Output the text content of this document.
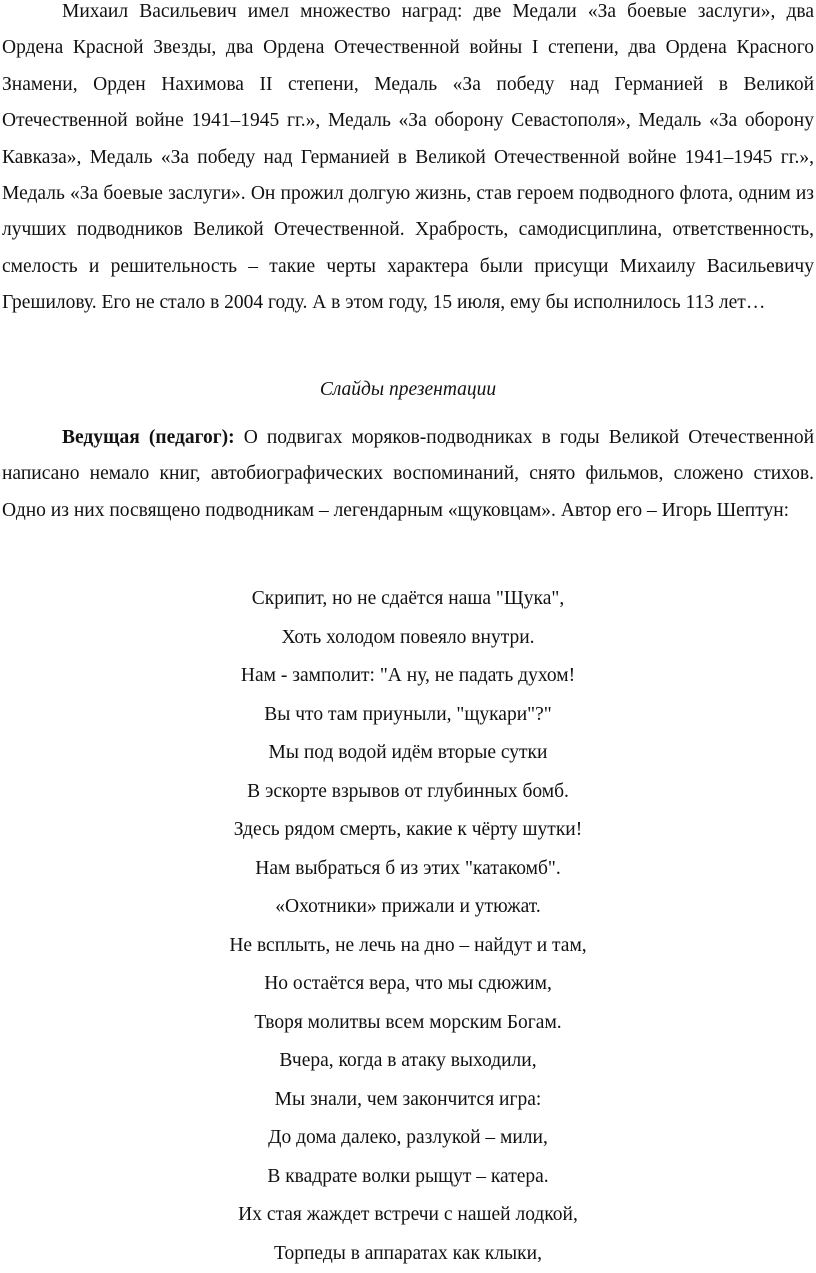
Михаил Васильевич имел множество наград: две Медали «За боевые заслуги», два Ордена Красной Звезды, два Ордена Отечественной войны I степени, два Ордена Красного Знамени, Орден Нахимова II степени, Медаль «За победу над Германией в Великой Отечественной войне 1941–1945 гг.», Медаль «За оборону Севастополя», Медаль «За оборону Кавказа», Медаль «За победу над Германией в Великой Отечественной войне 1941–1945 гг.», Медаль «За боевые заслуги». Он прожил долгую жизнь, став героем подводного флота, одним из лучших подводников Великой Отечественной. Храбрость, самодисциплина, ответственность, смелость и решительность – такие черты характера были присущи Михаилу Васильевичу Грешилову. Его не стало в 2004 году. А в этом году, 15 июля, ему бы исполнилось 113 лет…

Слайды презентации

Ведущая (педагог): О подвигах моряков-подводниках в годы Великой Отечественной написано немало книг, автобиографических воспоминаний, снято фильмов, сложено стихов. Одно из них посвящено подводникам – легендарным «щуковцам». Автор его – Игорь Шептун:

Скрипит, но не сдаётся наша "Щука",
Хоть холодом повеяло внутри.
Нам - замполит: "А ну, не падать духом!
Вы что там приуныли, "щукари"?"
Мы под водой идём вторые сутки
В эскорте взрывов от глубинных бомб.
Здесь рядом смерть, какие к чёрту шутки!
Нам выбраться б из этих "катакомб".
«Охотники» прижали и утюжат.
Не всплыть, не лечь на дно – найдут и там,
Но остаётся вера, что мы сдюжим,
Творя молитвы всем морским Богам.
Вчера, когда в атаку выходили,
Мы знали, чем закончится игра:
До дома далеко, разлукой – мили,
В квадрате волки рыщут – катера.
Их стая жаждет встречи с нашей лодкой,
Торпеды в аппаратах как клыки,
